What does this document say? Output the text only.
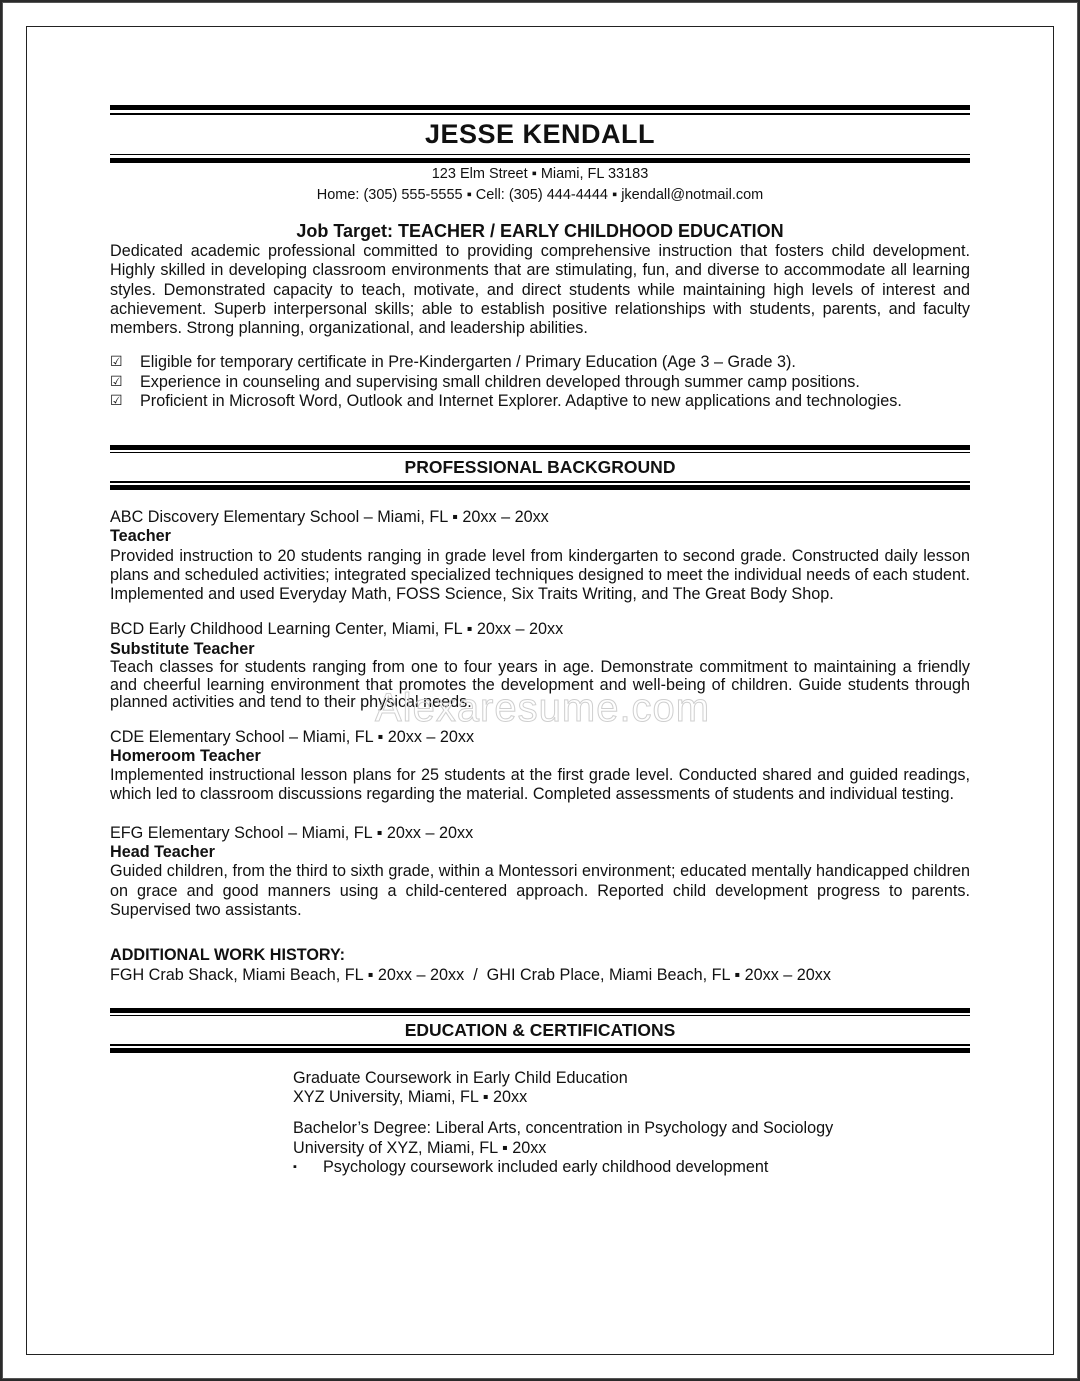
JESSE KENDALL
123 Elm Street ▪ Miami, FL 33183
Home: (305) 555-5555 ▪ Cell: (305) 444-4444 ▪ jkendall@notmail.com
Job Target: TEACHER / EARLY CHILDHOOD EDUCATION
Dedicated academic professional committed to providing comprehensive instruction that fosters child development. Highly skilled in developing classroom environments that are stimulating, fun, and diverse to accommodate all learning styles. Demonstrated capacity to teach, motivate, and direct students while maintaining high levels of interest and achievement. Superb interpersonal skills; able to establish positive relationships with students, parents, and faculty members. Strong planning, organizational, and leadership abilities.
☑	Eligible for temporary certificate in Pre-Kindergarten / Primary Education (Age 3 – Grade 3).
☑	Experience in counseling and supervising small children developed through summer camp positions.
☑	Proficient in Microsoft Word, Outlook and Internet Explorer. Adaptive to new applications and technologies.
PROFESSIONAL BACKGROUND
ABC Discovery Elementary School – Miami, FL ▪ 20xx – 20xx
Teacher
Provided instruction to 20 students ranging in grade level from kindergarten to second grade. Constructed daily lesson plans and scheduled activities; integrated specialized techniques designed to meet the individual needs of each student. Implemented and used Everyday Math, FOSS Science, Six Traits Writing, and The Great Body Shop.
BCD Early Childhood Learning Center, Miami, FL ▪ 20xx – 20xx
Substitute Teacher
Teach classes for students ranging from one to four years in age. Demonstrate commitment to maintaining a friendly and cheerful learning environment that promotes the development and well-being of children. Guide students through planned activities and tend to their physical needs.
CDE Elementary School – Miami, FL ▪ 20xx – 20xx
Homeroom Teacher
Implemented instructional lesson plans for 25 students at the first grade level. Conducted shared and guided readings, which led to classroom discussions regarding the material. Completed assessments of students and individual testing.
EFG Elementary School – Miami, FL ▪ 20xx – 20xx
Head Teacher
Guided children, from the third to sixth grade, within a Montessori environment; educated mentally handicapped children on grace and good manners using a child-centered approach. Reported child development progress to parents. Supervised two assistants.
ADDITIONAL WORK HISTORY:
FGH Crab Shack, Miami Beach, FL ▪ 20xx – 20xx  /  GHI Crab Place, Miami Beach, FL ▪ 20xx – 20xx
EDUCATION & CERTIFICATIONS
Graduate Coursework in Early Child Education
XYZ University, Miami, FL ▪ 20xx
Bachelor’s Degree: Liberal Arts, concentration in Psychology and Sociology
University of XYZ, Miami, FL ▪ 20xx
▪	Psychology coursework included early childhood development
